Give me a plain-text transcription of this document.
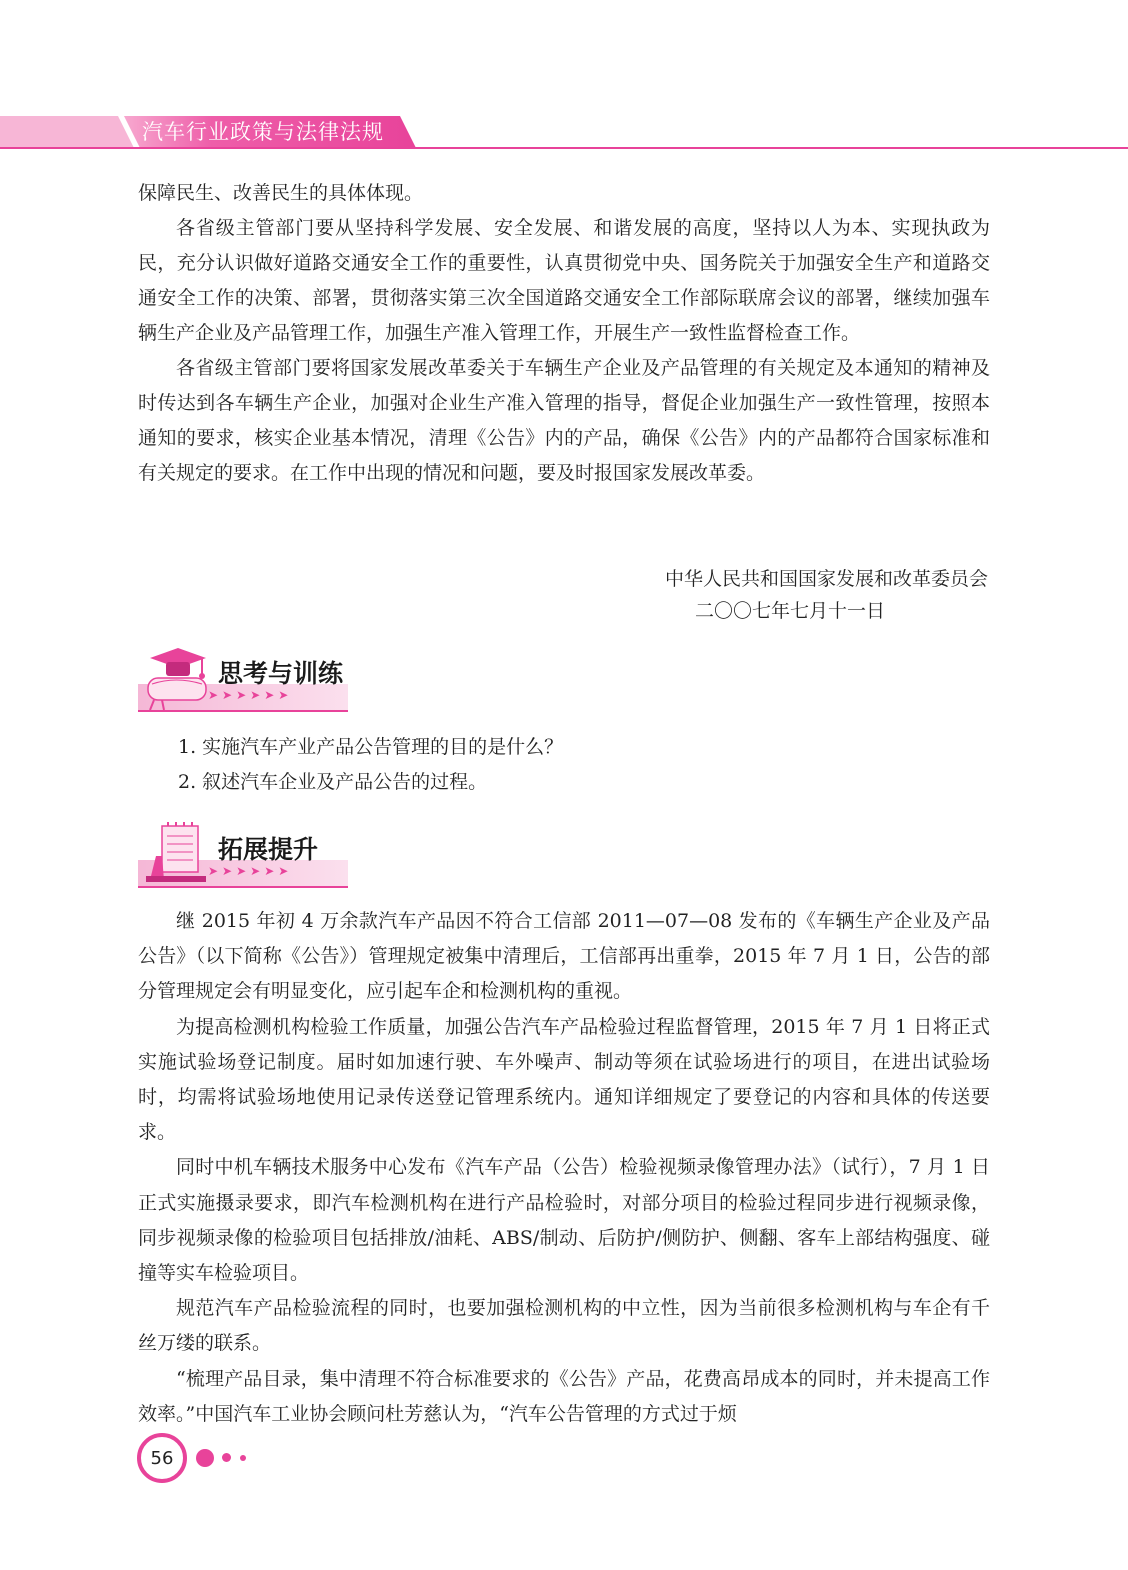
汽车行业政策与法律法规

保障民生、改善民生的具体体现。

各省级主管部门要从坚持科学发展、安全发展、和谐发展的高度，坚持以人为本、实现执政为民，充分认识做好道路交通安全工作的重要性，认真贯彻党中央、国务院关于加强安全生产和道路交通安全工作的决策、部署，贯彻落实第三次全国道路交通安全工作部际联席会议的部署，继续加强车辆生产企业及产品管理工作，加强生产准入管理工作，开展生产一致性监督检查工作。

各省级主管部门要将国家发展改革委关于车辆生产企业及产品管理的有关规定及本通知的精神及时传达到各车辆生产企业，加强对企业生产准入管理的指导，督促企业加强生产一致性管理，按照本通知的要求，核实企业基本情况，清理《公告》内的产品，确保《公告》内的产品都符合国家标准和有关规定的要求。在工作中出现的情况和问题，要及时报国家发展改革委。

中华人民共和国国家发展和改革委员会
二〇〇七年七月十一日
➤➤➤➤➤➤
思考与训练
1. 实施汽车产业产品公告管理的目的是什么？
2. 叙述汽车企业及产品公告的过程。
➤➤➤➤➤➤
拓展提升

继 2015 年初 4 万余款汽车产品因不符合工信部 2011—07—08 发布的《车辆生产企业及产品公告》（以下简称《公告》）管理规定被集中清理后，工信部再出重拳，2015 年 7 月 1 日，公告的部分管理规定会有明显变化，应引起车企和检测机构的重视。

为提高检测机构检验工作质量，加强公告汽车产品检验过程监督管理，2015 年 7 月 1 日将正式实施试验场登记制度。届时如加速行驶、车外噪声、制动等须在试验场进行的项目，在进出试验场时，均需将试验场地使用记录传送登记管理系统内。通知详细规定了要登记的内容和具体的传送要求。

同时中机车辆技术服务中心发布《汽车产品（公告）检验视频录像管理办法》（试行），7 月 1 日正式实施摄录要求，即汽车检测机构在进行产品检验时，对部分项目的检验过程同步进行视频录像，同步视频录像的检验项目包括排放/油耗、ABS/制动、后防护/侧防护、侧翻、客车上部结构强度、碰撞等实车检验项目。

规范汽车产品检验流程的同时，也要加强检测机构的中立性，因为当前很多检测机构与车企有千丝万缕的联系。

“梳理产品目录，集中清理不符合标准要求的《公告》产品，花费高昂成本的同时，并未提高工作效率。”中国汽车工业协会顾问杜芳慈认为，“汽车公告管理的方式过于烦

56
